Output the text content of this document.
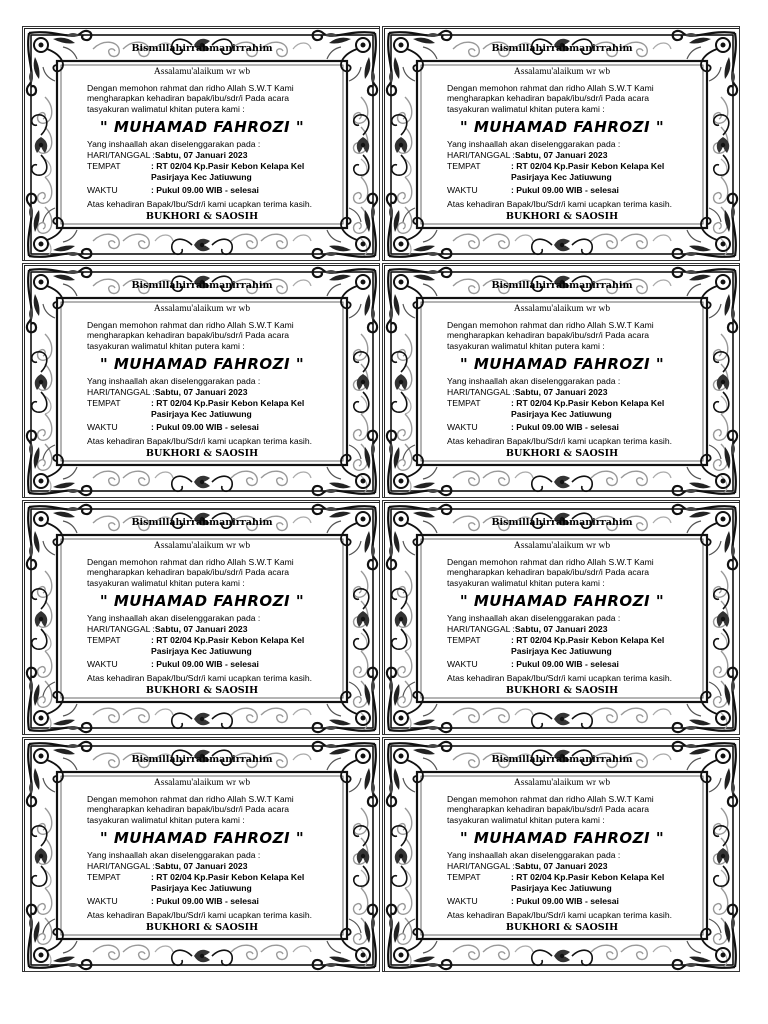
Bismillahirrahmanirrahim
Assalamu'alaikum wr wb
Dengan memohon rahmat dan ridho Allah S.W.T Kami
mengharapkan kehadiran bapak/ibu/sdr/i Pada acara
tasyakuran walimatul khitan putera kami :
" MUHAMAD FAHROZI "
Yang inshaallah akan diselenggarakan pada :
HARI/TANGGAL :Sabtu, 07 Januari 2023
TEMPAT	: RT 02/04 Kp.Pasir Kebon Kelapa Kel
Pasirjaya Kec Jatiuwung
WAKTU	: Pukul 09.00 WIB - selesai
Atas kehadiran Bapak/Ibu/Sdr/i kami ucapkan terima kasih.
BUKHORI & SAOSIH
Bismillahirrahmanirrahim
Assalamu'alaikum wr wb
Dengan memohon rahmat dan ridho Allah S.W.T Kami
mengharapkan kehadiran bapak/ibu/sdr/i Pada acara
tasyakuran walimatul khitan putera kami :
" MUHAMAD FAHROZI "
Yang inshaallah akan diselenggarakan pada :
HARI/TANGGAL :Sabtu, 07 Januari 2023
TEMPAT	: RT 02/04 Kp.Pasir Kebon Kelapa Kel
Pasirjaya Kec Jatiuwung
WAKTU	: Pukul 09.00 WIB - selesai
Atas kehadiran Bapak/Ibu/Sdr/i kami ucapkan terima kasih.
BUKHORI & SAOSIH
Bismillahirrahmanirrahim
Assalamu'alaikum wr wb
Dengan memohon rahmat dan ridho Allah S.W.T Kami
mengharapkan kehadiran bapak/ibu/sdr/i Pada acara
tasyakuran walimatul khitan putera kami :
" MUHAMAD FAHROZI "
Yang inshaallah akan diselenggarakan pada :
HARI/TANGGAL :Sabtu, 07 Januari 2023
TEMPAT	: RT 02/04 Kp.Pasir Kebon Kelapa Kel
Pasirjaya Kec Jatiuwung
WAKTU	: Pukul 09.00 WIB - selesai
Atas kehadiran Bapak/Ibu/Sdr/i kami ucapkan terima kasih.
BUKHORI & SAOSIH
Bismillahirrahmanirrahim
Assalamu'alaikum wr wb
Dengan memohon rahmat dan ridho Allah S.W.T Kami
mengharapkan kehadiran bapak/ibu/sdr/i Pada acara
tasyakuran walimatul khitan putera kami :
" MUHAMAD FAHROZI "
Yang inshaallah akan diselenggarakan pada :
HARI/TANGGAL :Sabtu, 07 Januari 2023
TEMPAT	: RT 02/04 Kp.Pasir Kebon Kelapa Kel
Pasirjaya Kec Jatiuwung
WAKTU	: Pukul 09.00 WIB - selesai
Atas kehadiran Bapak/Ibu/Sdr/i kami ucapkan terima kasih.
BUKHORI & SAOSIH
Bismillahirrahmanirrahim
Assalamu'alaikum wr wb
Dengan memohon rahmat dan ridho Allah S.W.T Kami
mengharapkan kehadiran bapak/ibu/sdr/i Pada acara
tasyakuran walimatul khitan putera kami :
" MUHAMAD FAHROZI "
Yang inshaallah akan diselenggarakan pada :
HARI/TANGGAL :Sabtu, 07 Januari 2023
TEMPAT	: RT 02/04 Kp.Pasir Kebon Kelapa Kel
Pasirjaya Kec Jatiuwung
WAKTU	: Pukul 09.00 WIB - selesai
Atas kehadiran Bapak/Ibu/Sdr/i kami ucapkan terima kasih.
BUKHORI & SAOSIH
Bismillahirrahmanirrahim
Assalamu'alaikum wr wb
Dengan memohon rahmat dan ridho Allah S.W.T Kami
mengharapkan kehadiran bapak/ibu/sdr/i Pada acara
tasyakuran walimatul khitan putera kami :
" MUHAMAD FAHROZI "
Yang inshaallah akan diselenggarakan pada :
HARI/TANGGAL :Sabtu, 07 Januari 2023
TEMPAT	: RT 02/04 Kp.Pasir Kebon Kelapa Kel
Pasirjaya Kec Jatiuwung
WAKTU	: Pukul 09.00 WIB - selesai
Atas kehadiran Bapak/Ibu/Sdr/i kami ucapkan terima kasih.
BUKHORI & SAOSIH
Bismillahirrahmanirrahim
Assalamu'alaikum wr wb
Dengan memohon rahmat dan ridho Allah S.W.T Kami
mengharapkan kehadiran bapak/ibu/sdr/i Pada acara
tasyakuran walimatul khitan putera kami :
" MUHAMAD FAHROZI "
Yang inshaallah akan diselenggarakan pada :
HARI/TANGGAL :Sabtu, 07 Januari 2023
TEMPAT	: RT 02/04 Kp.Pasir Kebon Kelapa Kel
Pasirjaya Kec Jatiuwung
WAKTU	: Pukul 09.00 WIB - selesai
Atas kehadiran Bapak/Ibu/Sdr/i kami ucapkan terima kasih.
BUKHORI & SAOSIH
Bismillahirrahmanirrahim
Assalamu'alaikum wr wb
Dengan memohon rahmat dan ridho Allah S.W.T Kami
mengharapkan kehadiran bapak/ibu/sdr/i Pada acara
tasyakuran walimatul khitan putera kami :
" MUHAMAD FAHROZI "
Yang inshaallah akan diselenggarakan pada :
HARI/TANGGAL :Sabtu, 07 Januari 2023
TEMPAT	: RT 02/04 Kp.Pasir Kebon Kelapa Kel
Pasirjaya Kec Jatiuwung
WAKTU	: Pukul 09.00 WIB - selesai
Atas kehadiran Bapak/Ibu/Sdr/i kami ucapkan terima kasih.
BUKHORI & SAOSIH
